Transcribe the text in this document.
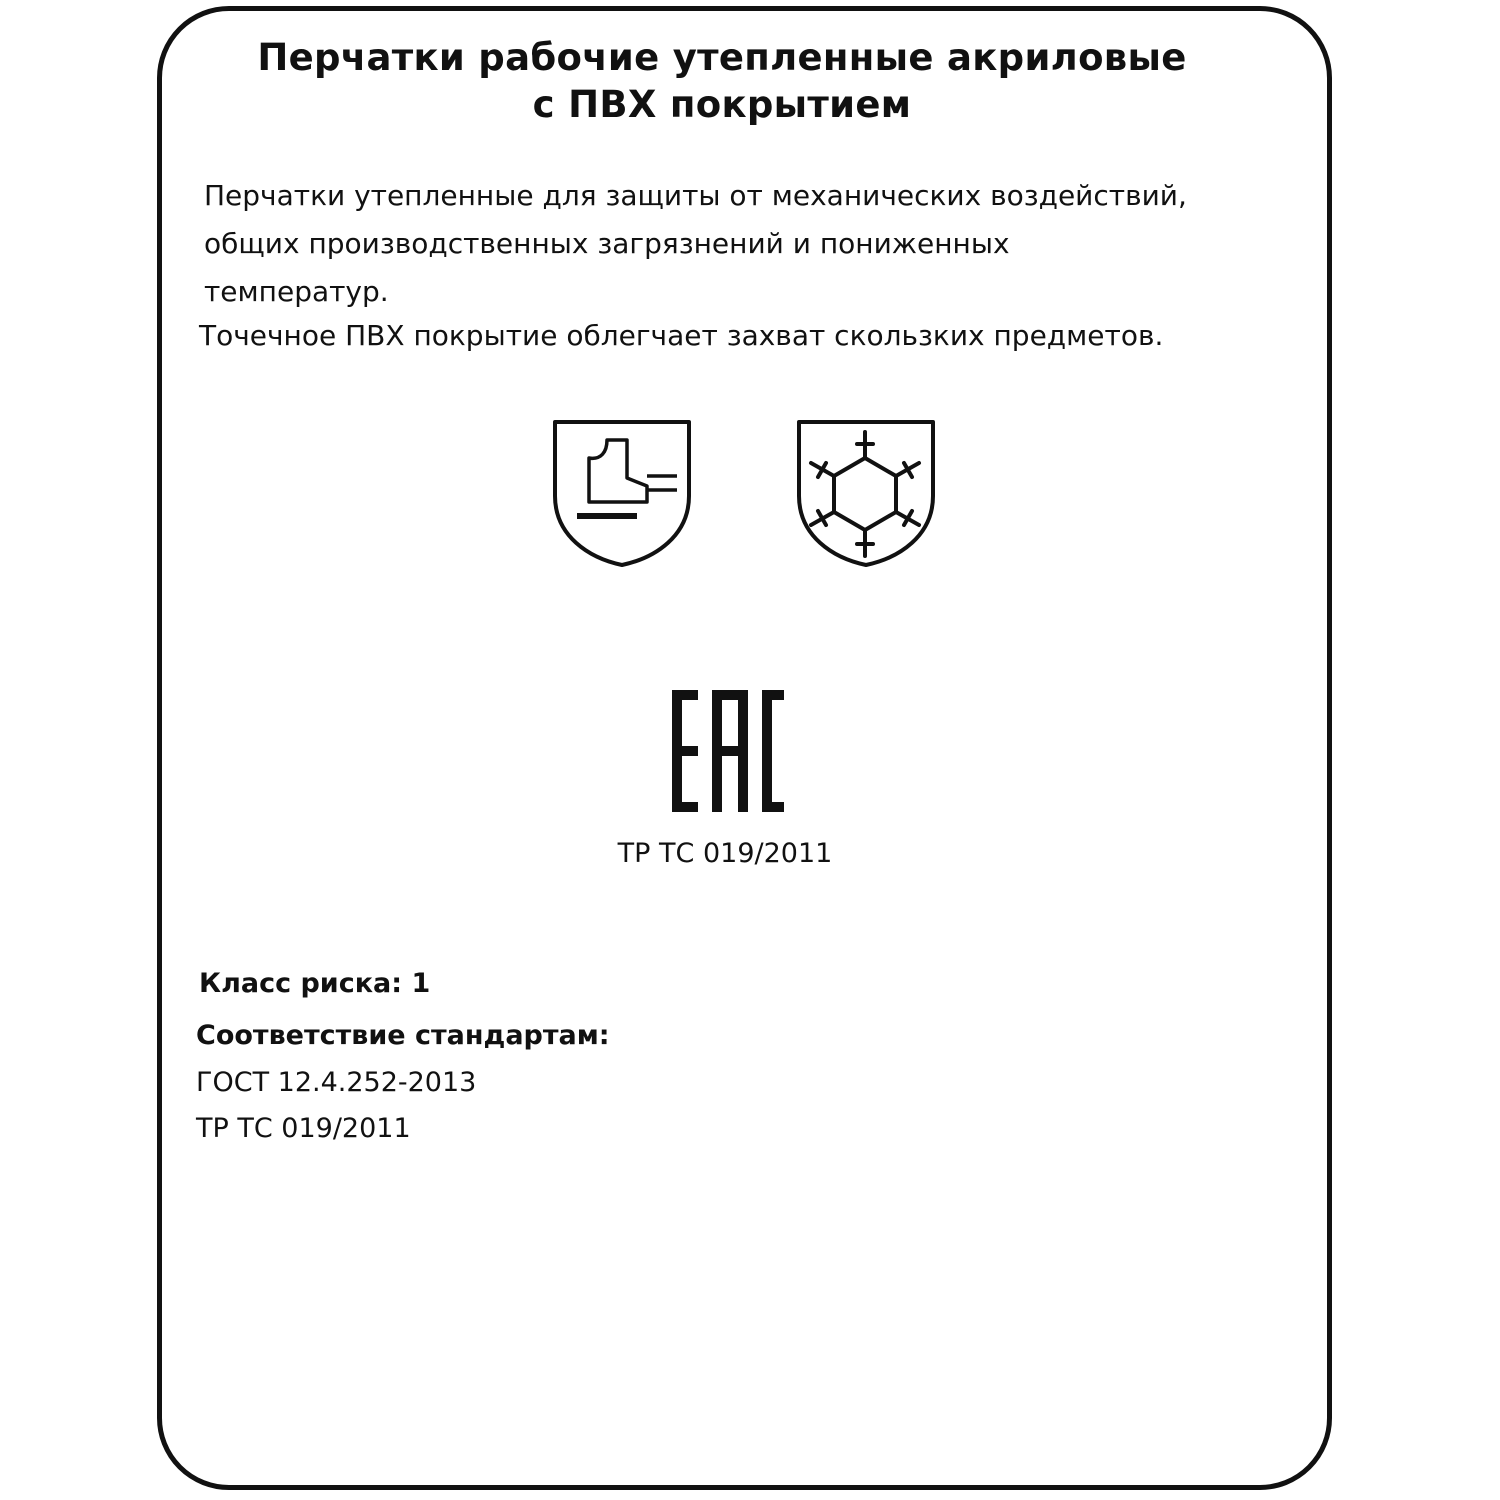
Перчатки рабочие утепленные акриловые
с ПВХ покрытием
Перчатки утепленные для защиты от механических воздействий,
общих производственных загрязнений и пониженных
температур.
Точечное ПВХ покрытие облегчает захват скользких предметов.
ТР ТС 019/2011
Класс риска: 1
Соответствие стандартам:
ГОСТ 12.4.252-2013
ТР ТС 019/2011
